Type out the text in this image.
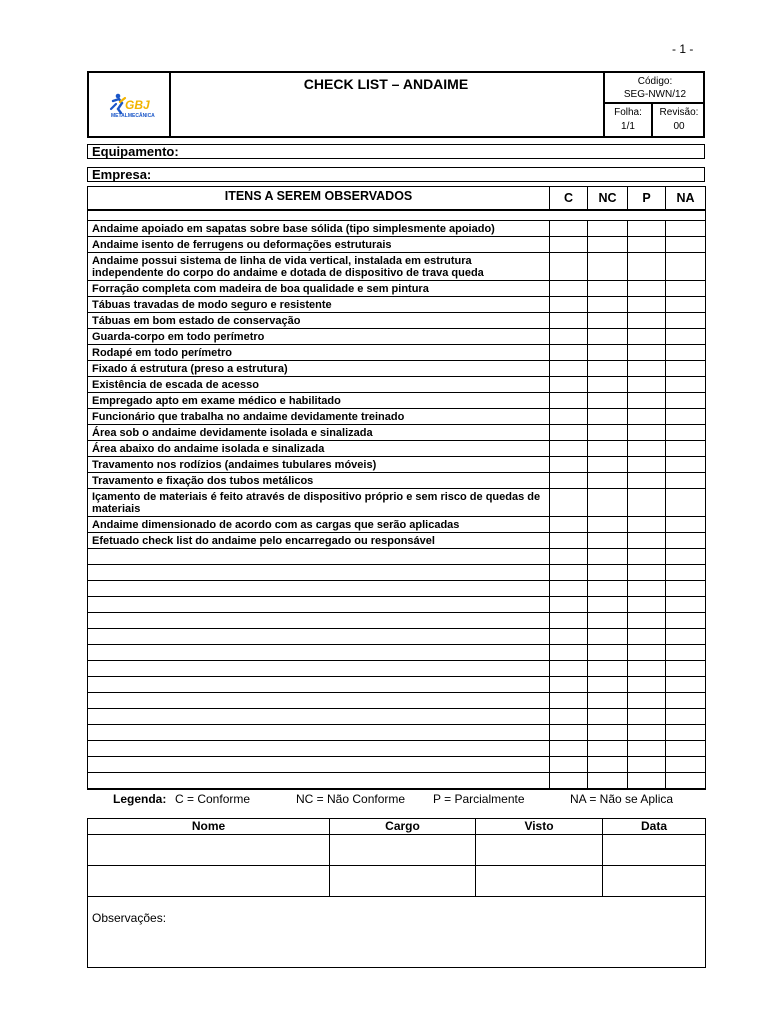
- 1 -
GBJ
METALMECÂNICA
CHECK LIST – ANDAIME	Código:
SEG-NWN/12
Folha:
1/1
Revisão:
00
Equipamento:
Empresa:
ITENS A SEREM OBSERVADOS	C	NC	P	NA

Andaime apoiado em sapatas sobre base sólida (tipo simplesmente apoiado)				
Andaime isento de ferrugens ou deformações estruturais				
Andaime possui sistema de linha de vida vertical, instalada em estrutura independente do corpo do andaime e dotada de dispositivo de trava queda				
Forração completa com madeira de boa qualidade e sem pintura				
Tábuas travadas de modo seguro e resistente				
Tábuas em bom estado de conservação				
Guarda-corpo em todo perímetro				
Rodapé em todo perímetro				
Fixado á estrutura (preso a estrutura)				
Existência de escada de acesso				
Empregado apto em exame médico e habilitado				
Funcionário que trabalha no andaime devidamente treinado				
Área sob o andaime devidamente isolada e sinalizada				
Área abaixo do andaime isolada e sinalizada				
Travamento nos rodízios (andaimes tubulares móveis)				
Travamento e fixação dos tubos metálicos				
Içamento de materiais é feito através de dispositivo próprio e sem risco de quedas de materiais				
Andaime dimensionado de acordo com as cargas que serão aplicadas				
Efetuado check list do andaime pelo encarregado ou responsável				

Legenda: C = Conforme	NC = Não Conforme P = Parcialmente	NA = Não se Aplica
Nome	Cargo	Visto	Data

Observações:			
